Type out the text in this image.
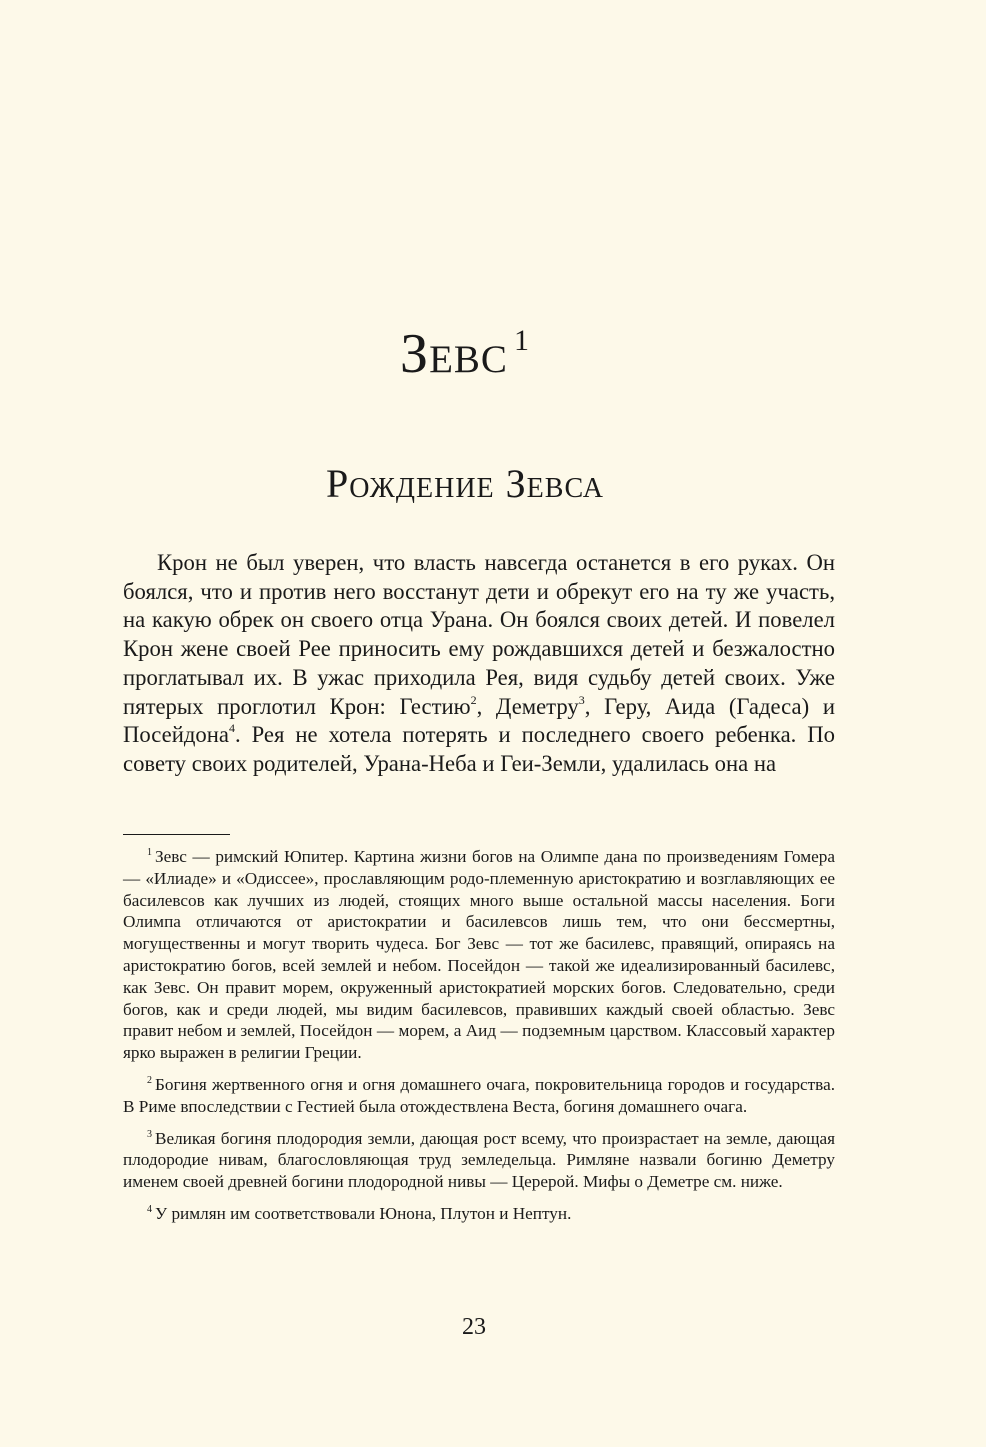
Зевс $^1$
Рождение Зевса

Крон не был уверен, что власть навсегда останется в его руках. Он боялся, что и против него восстанут дети и обрекут его на ту же участь, на какую обрек он своего отца Урана. Он боялся своих детей. И повелел Крон жене своей Рее приносить ему рождавшихся детей и безжалостно проглатывал их. В ужас приходила Рея, видя судьбу детей своих. Уже пятерых проглотил Крон: Гестию$^2$, Деметру$^3$, Геру, Аида (Гадеса) и Посейдона$^4$. Рея не хотела потерять и последнего своего ребенка. По совету своих родителей, Урана-Неба и Геи-Земли, удалилась она на

$^1$ Зевс — римский Юпитер. Картина жизни богов на Олимпе дана по произведениям Гомера — «Илиаде» и «Одиссее», прославляющим родо-племенную аристократию и возглавляющих ее басилевсов как лучших из людей, стоящих много выше остальной массы населения. Боги Олимпа отличаются от аристократии и басилевсов лишь тем, что они бессмертны, могущественны и могут творить чудеса. Бог Зевс — тот же басилевс, правящий, опираясь на аристократию богов, всей землей и небом. Посейдон — такой же идеализированный басилевс, как Зевс. Он правит морем, окруженный аристократией морских богов. Следовательно, среди богов, как и среди людей, мы видим басилевсов, правивших каждый своей областью. Зевс правит небом и землей, Посейдон — морем, а Аид — подземным царством. Классовый характер ярко выражен в религии Греции.

$^2$ Богиня жертвенного огня и огня домашнего очага, покровительница городов и государства. В Риме впоследствии с Гестией была отождествлена Веста, богиня домашнего очага.

$^3$ Великая богиня плодородия земли, дающая рост всему, что произрастает на земле, дающая плодородие нивам, благословляющая труд земледельца. Римляне назвали богиню Деметру именем своей древней богини плодородной нивы — Церерой. Мифы о Деметре см. ниже.

$^4$ У римлян им соответствовали Юнона, Плутон и Нептун.

23
